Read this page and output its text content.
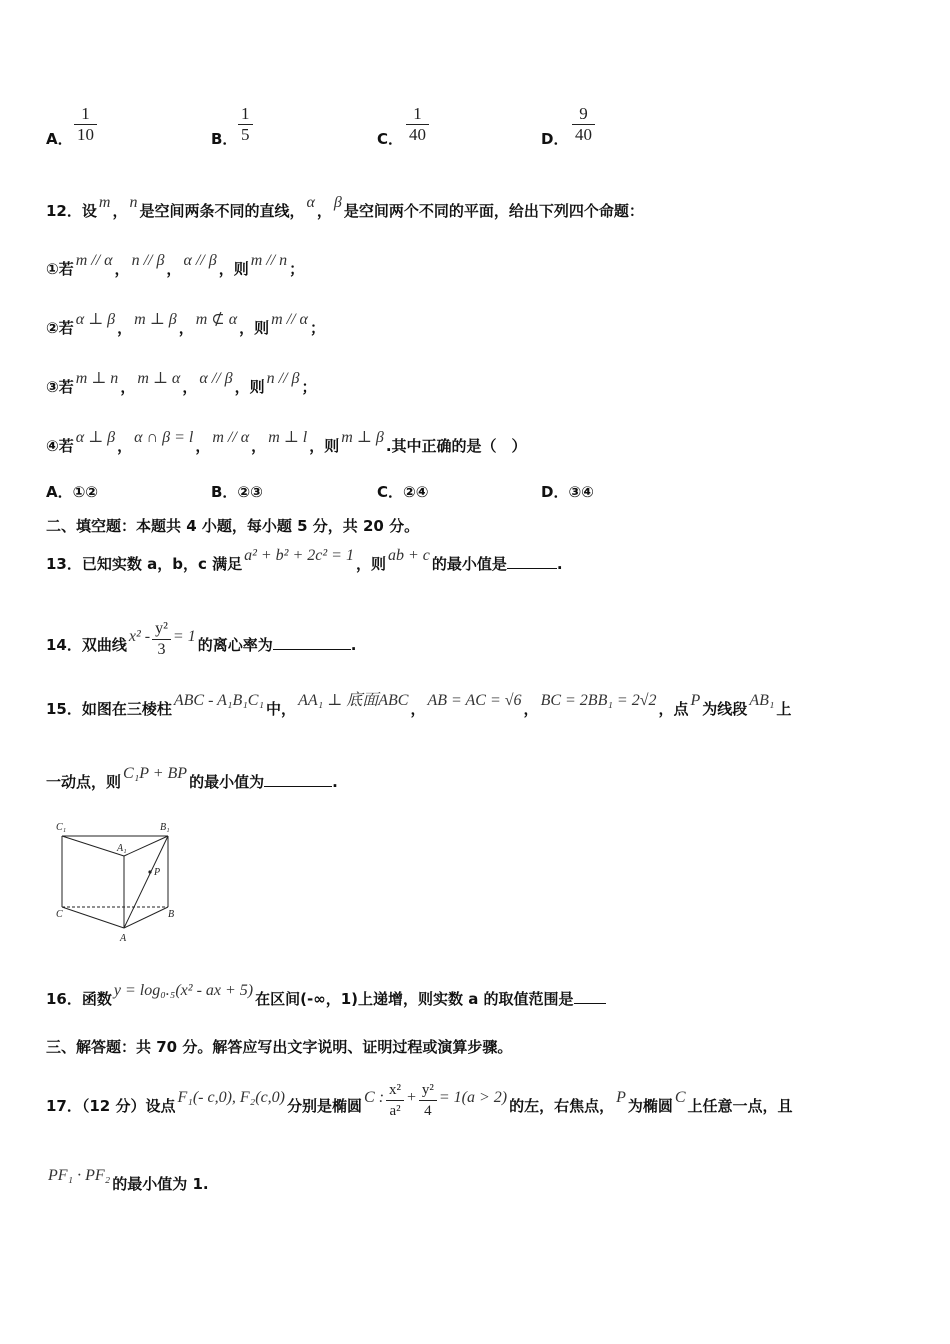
A．
1
10	B．
1
5	C．
1
40	D．
9
40
12．设 m ， n 是空间两条不同的直线， α ， β 是空间两个不同的平面，给出下列四个命题：
①若 m // α ， n // β ， α // β ，则 m // n ；
②若 α ⊥ β ， m ⊥ β ， m ⊄ α ，则 m // α ；
③若 m ⊥ n ， m ⊥ α ， α // β ，则 n // β ；
④若 α ⊥ β ， α ∩ β = l ， m // α ， m ⊥ l ，则 m ⊥ β .其中正确的是（　）
A．①②	B．②③	C．②④	D．③④
二、填空题：本题共 4 小题，每小题 5 分，共 20 分。
13．已知实数 a，b，c 满足 a² + b² + 2c² = 1 ，则 ab + c 的最小值是	.
14．双曲线 $x^2 - \frac{\text{y²}}{3} = 1$ 的离心率为	.
15．如图在三棱柱 ABC - A₁B₁C₁ 中， AA₁ ⊥ 底面ABC ， AB = AC = √6 ， BC = 2BB₁ = 2√2 ，点 P 为线段 AB₁ 上
一动点，则 C₁P + BP 的最小值为	.
C₁	B₁
A₁
P
C	B
A
16．函数 y = log₀.₅(x² - ax + 5) 在区间(-∞，1)上递增，则实数 a 的取值范围是
三、解答题：共 70 分。解答应写出文字说明、证明过程或演算步骤。
17．（12 分）设点 F₁(- c,0), F₂(c,0) 分别是椭圆 C : $\frac{\text{x²}}{\text{a²}} + \frac{\text{y²}}{4} = 1(a > 2)$ 的左，右焦点， P 为椭圆 C 上任意一点，且
PF₁ · PF₂ 的最小值为 1.
